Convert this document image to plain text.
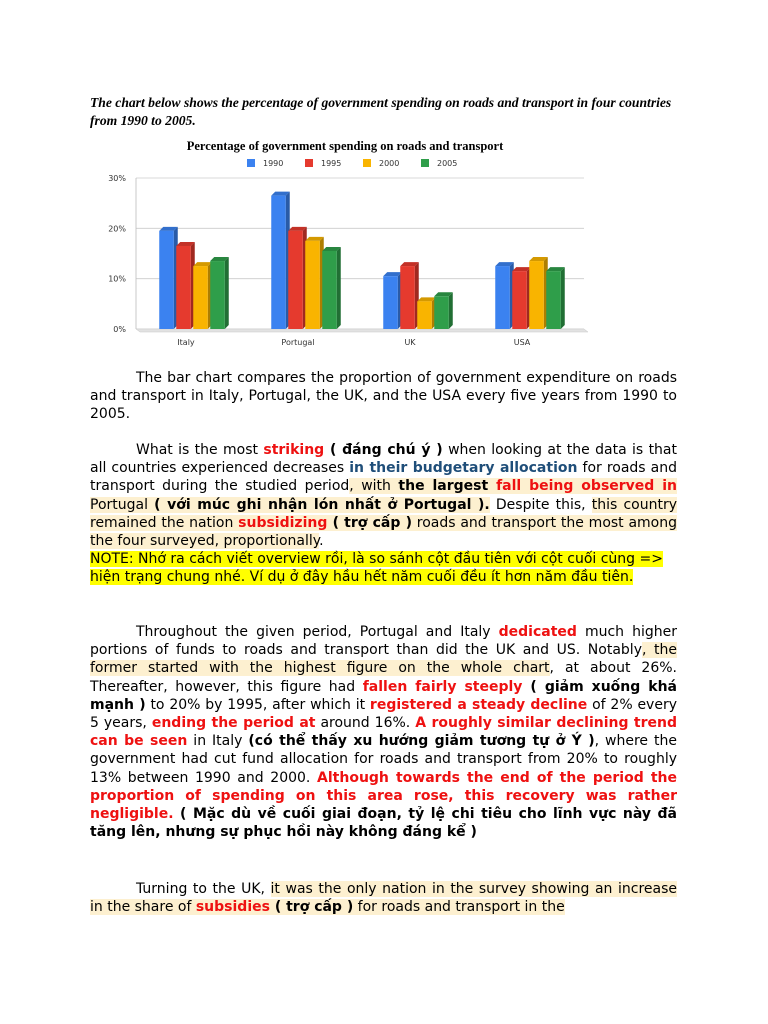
The chart below shows the percentage of government spending on roads and transport in four countries from 1990 to 2005.

Percentage of government spending on roads and transport
1990	1995	2000	2005
0%
10%
20%
30%
Italy	Portugal	UK	USA

The bar chart compares the proportion of government expenditure on roads and transport in Italy, Portugal, the UK, and the USA every five years from 1990 to 2005.

What is the most striking ( đáng chú ý ) when looking at the data is that all countries experienced decreases in their budgetary allocation for roads and transport during the studied period, with the largest fall being observed in Portugal ( với múc ghi nhận lón nhất ở Portugal ). Despite this, this country remained the nation subsidizing ( trợ cấp ) roads and transport the most among the four surveyed, proportionally.

NOTE: Nhớ ra cách viết overview rồi, là so sánh cột đầu tiên với cột cuối cùng => hiện trạng chung nhé. Ví dụ ở đây hầu hết năm cuối đều ít hơn năm đầu tiên.

Throughout the given period, Portugal and Italy dedicated much higher portions of funds to roads and transport than did the UK and US. Notably, the former started with the highest figure on the whole chart, at about 26%. Thereafter, however, this figure had fallen fairly steeply ( giảm xuống khá mạnh ) to 20% by 1995, after which it registered a steady decline of 2% every 5 years, ending the period at around 16%. A roughly similar declining trend can be seen in Italy (có thể thấy xu hướng giảm tương tự ở Ý ), where the government had cut fund allocation for roads and transport from 20% to roughly 13% between 1990 and 2000. Although towards the end of the period the proportion of spending on this area rose, this recovery was rather negligible. ( Mặc dù về cuối giai đoạn, tỷ lệ chi tiêu cho lĩnh vực này đã tăng lên, nhưng sự phục hồi này không đáng kể )

Turning to the UK, it was the only nation in the survey showing an increase in the share of subsidies ( trợ cấp ) for roads and transport in the
